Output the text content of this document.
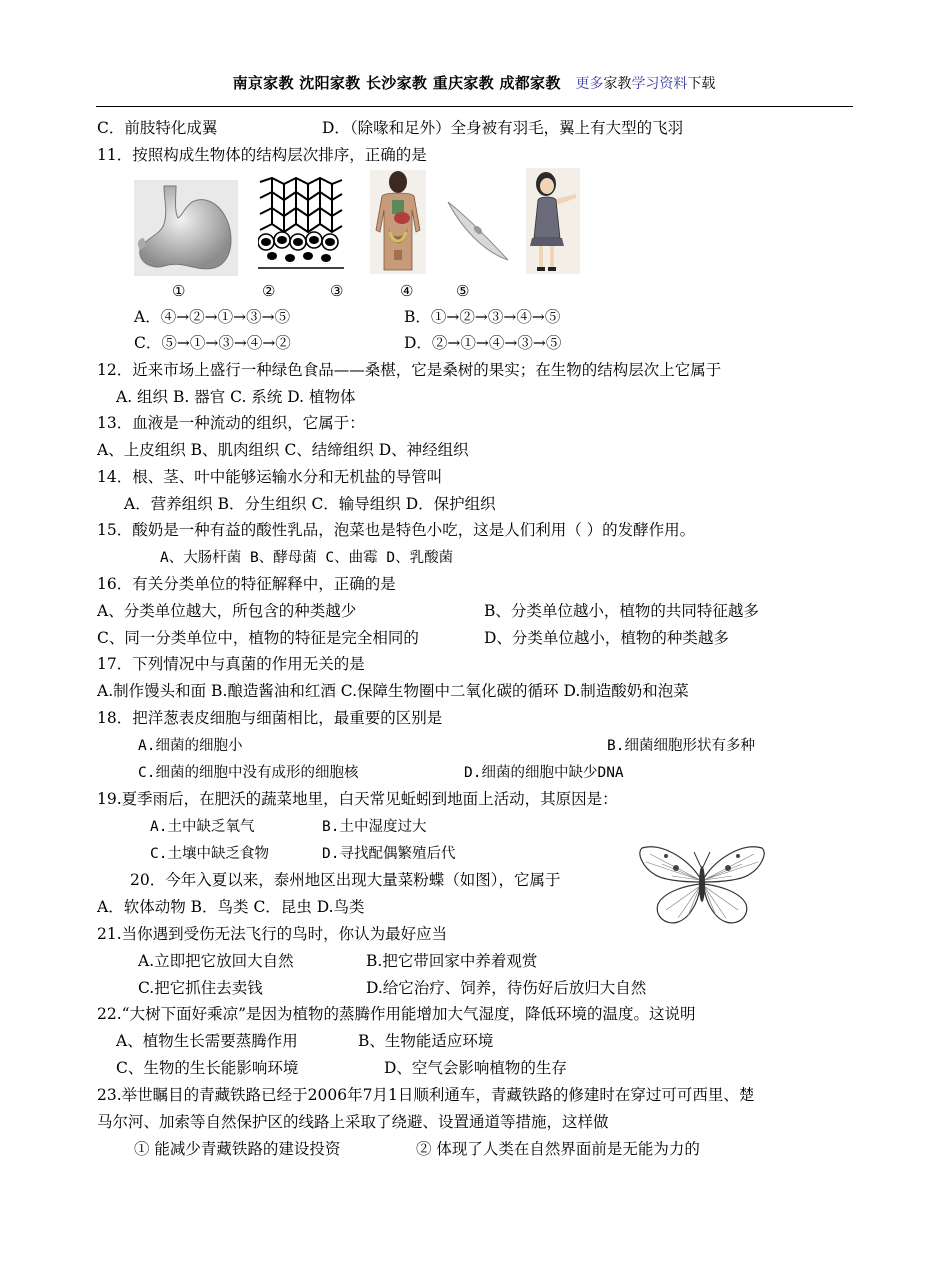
南京家教 沈阳家教 长沙家教 重庆家教 成都家教 更多家教学习资料下载
C．前肢特化成翼	D．（除喙和足外）全身被有羽毛，翼上有大型的飞羽
11．按照构成生物体的结构层次排序，正确的是
①	②	③	④	⑤
A．④→②→①→③→⑤	B．①→②→③→④→⑤
C．⑤→①→③→④→②	D．②→①→④→③→⑤
12．近来市场上盛行一种绿色食品——桑椹，它是桑树的果实；在生物的结构层次上它属于
A. 组织 B. 器官 C. 系统 D. 植物体
13．血液是一种流动的组织，它属于：
A、上皮组织 B、肌肉组织 C、结缔组织 D、神经组织
14．根、茎、叶中能够运输水分和无机盐的导管叫
A．营养组织 B．分生组织 C．输导组织 D．保护组织
15．酸奶是一种有益的酸性乳品，泡菜也是特色小吃，这是人们利用（ ）的发酵作用。
A、大肠杆菌 B、酵母菌 C、曲霉 D、乳酸菌
16．有关分类单位的特征解释中，正确的是
A、分类单位越大，所包含的种类越少	B、分类单位越小，植物的共同特征越多
C、同一分类单位中，植物的特征是完全相同的	D、分类单位越小，植物的种类越多
17．下列情况中与真菌的作用无关的是
A.制作馒头和面 B.酿造酱油和红酒 C.保障生物圈中二氧化碳的循环 D.制造酸奶和泡菜
18．把洋葱表皮细胞与细菌相比，最重要的区别是
A.细菌的细胞小	B.细菌细胞形状有多种
C.细菌的细胞中没有成形的细胞核	D.细菌的细胞中缺少DNA
19.夏季雨后，在肥沃的蔬菜地里，白天常见蚯蚓到地面上活动，其原因是：
A.土中缺乏氧气	B.土中湿度过大
C.土壤中缺乏食物	D.寻找配偶繁殖后代
20．今年入夏以来，泰州地区出现大量菜粉蝶（如图），它属于
A．软体动物 B．鸟类 C．昆虫 D.鸟类
21.当你遇到受伤无法飞行的鸟时，你认为最好应当
A.立即把它放回大自然	B.把它带回家中养着观赏
C.把它抓住去卖钱	D.给它治疗、饲养，待伤好后放归大自然
22.“大树下面好乘凉”是因为植物的蒸腾作用能增加大气湿度，降低环境的温度。这说明
A、植物生长需要蒸腾作用	B、生物能适应环境
C、生物的生长能影响环境	D、空气会影响植物的生存
23.举世瞩目的青藏铁路已经于2006年7月1日顺利通车，青藏铁路的修建时在穿过可可西里、楚
马尔河、加索等自然保护区的线路上采取了绕避、设置通道等措施，这样做
① 能减少青藏铁路的建设投资	② 体现了人类在自然界面前是无能为力的
